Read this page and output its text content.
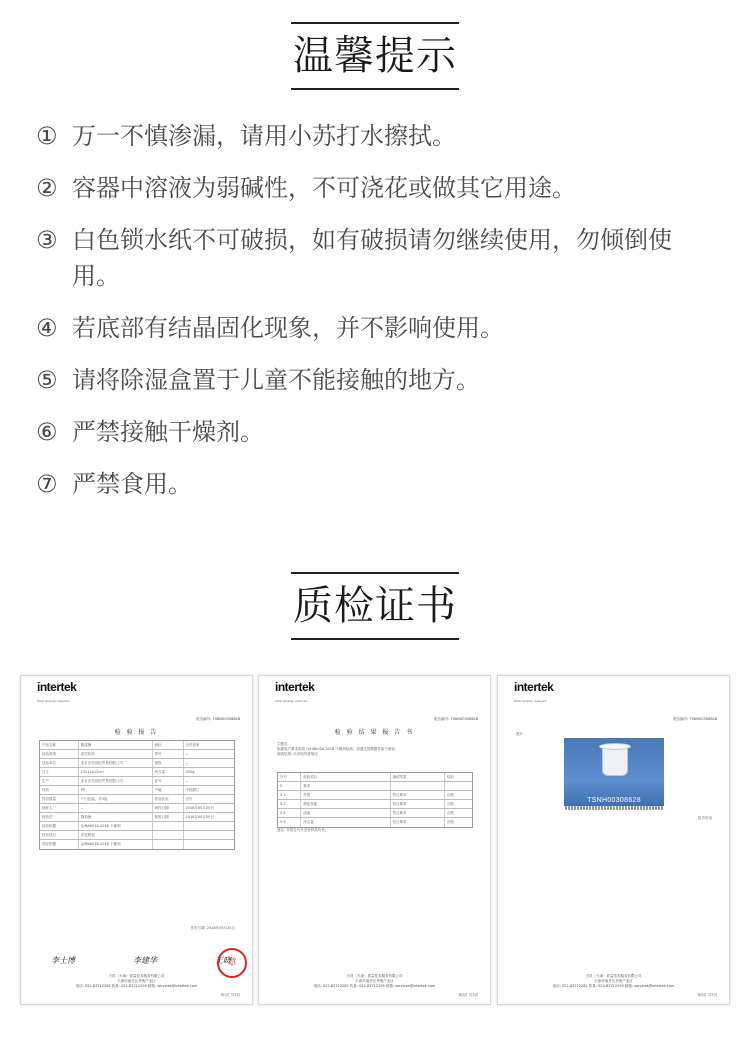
温馨提示
① 万一不慎渗漏，请用小苏打水擦拭。
② 容器中溶液为弱碱性，不可浇花或做其它用途。
③ 白色锁水纸不可破损，如有破损请勿继续使用，勿倾倒使用。
④ 若底部有结晶固化现象，并不影响使用。
⑤ 请将除湿盒置于儿童不能接触的地方。
⑥ 严禁接触干燥剂。
⑦ 严禁食用。
质检证书
intertek
Total Quality. Assured.
报告编号: TSNH00308628
检 验 报 告
产品名称	除湿桶	商标	百货居家
检验类别	委托检验	型号	--
送检单位	北京京东世纪贸易有限公司	规格	--
尺寸	13x12x12cm	净含量	300g
生产	北京京东世纪贸易有限公司	证号	--
材质	PP	产地	中国浙江
样品数量	7个/包装，共3袋	样品状况	完好
抽样人	--	到样日期	2018年05月20日
检验员	陈柏海	检验日期	2018年05月20日
检验依据	Q/HJNI016-2018 干燥剂
检验项目	详见附表
判定依据	Q/HJNI016-2018 干燥剂
签发日期: 2018年05月24日
李士博	李建华	王晓
章
天祥（天津）质量技术服务有限公司
天津市南开区华苑产业区
电话: 022-83712282 传真: 022-83712295 邮箱: services@intertek.com
第1页 共3页
intertek
Total Quality. Assured.
报告编号: TSNH00308628
检 验 结 果 报 告 书
主题页
根据客户要求参照 Q/HJNI016-2018 干燥剂检测，将通过的数据作如下测试:
测试结果: 未发现异常情况
序号	检验项目	测试结果	结论
5	要求
5.1	外观	符合要求	合格
5.2	理化性能	符合要求	合格
5.4	溶液	符合要求	合格
5.5	净含量	符合要求	合格
备注: 本报告仅对送检样品负责。
天祥（天津）质量技术服务有限公司
天津市南开区华苑产业区
电话: 022-83712282 传真: 022-83712295 邮箱: services@intertek.com
第2页 共3页
intertek
Total Quality. Assured.
报告编号: TSNH00308628
照片
TSNH00308628
报告结束
天祥（天津）质量技术服务有限公司
天津市南开区华苑产业区
电话: 022-83712282 传真: 022-83712295 邮箱: services@intertek.com
第3页 共3页
